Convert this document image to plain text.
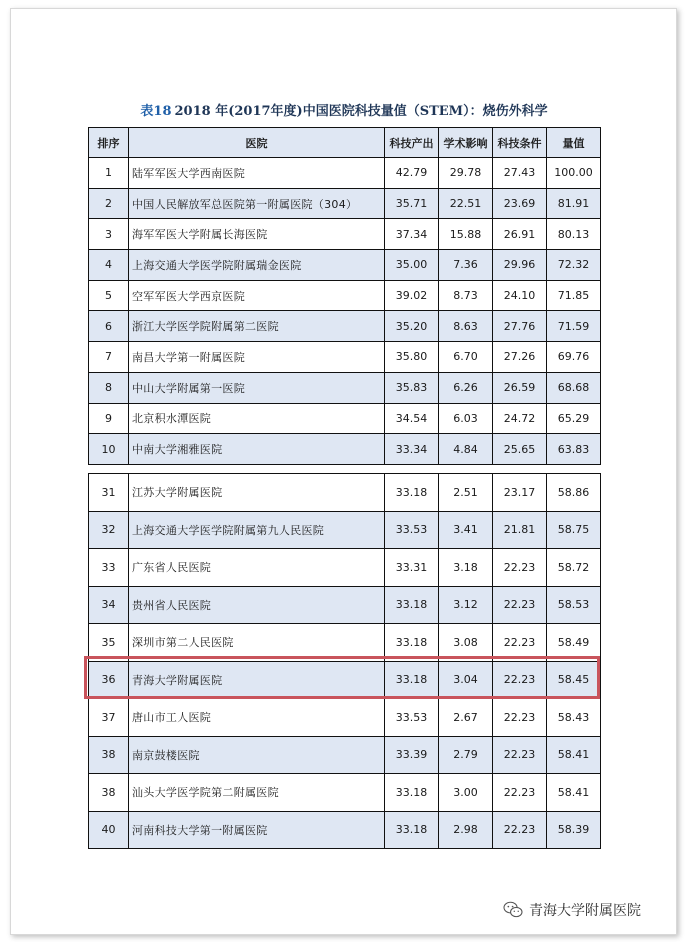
表18 2018 年(2017年度)中国医院科技量值（STEM）：烧伤外科学
排序	医院	科技产出	学术影响	科技条件	量值
1	陆军军医大学西南医院	42.79	29.78	27.43	100.00
2	中国人民解放军总医院第一附属医院（304）	35.71	22.51	23.69	81.91
3	海军军医大学附属长海医院	37.34	15.88	26.91	80.13
4	上海交通大学医学院附属瑞金医院	35.00	7.36	29.96	72.32
5	空军军医大学西京医院	39.02	8.73	24.10	71.85
6	浙江大学医学院附属第二医院	35.20	8.63	27.76	71.59
7	南昌大学第一附属医院	35.80	6.70	27.26	69.76
8	中山大学附属第一医院	35.83	6.26	26.59	68.68
9	北京积水潭医院	34.54	6.03	24.72	65.29
10	中南大学湘雅医院	33.34	4.84	25.65	63.83
31	江苏大学附属医院	33.18	2.51	23.17	58.86
32	上海交通大学医学院附属第九人民医院	33.53	3.41	21.81	58.75
33	广东省人民医院	33.31	3.18	22.23	58.72
34	贵州省人民医院	33.18	3.12	22.23	58.53
35	深圳市第二人民医院	33.18	3.08	22.23	58.49
36	青海大学附属医院	33.18	3.04	22.23	58.45
37	唐山市工人医院	33.53	2.67	22.23	58.43
38	南京鼓楼医院	33.39	2.79	22.23	58.41
38	汕头大学医学院第二附属医院	33.18	3.00	22.23	58.41
40	河南科技大学第一附属医院	33.18	2.98	22.23	58.39
青海大学附属医院
